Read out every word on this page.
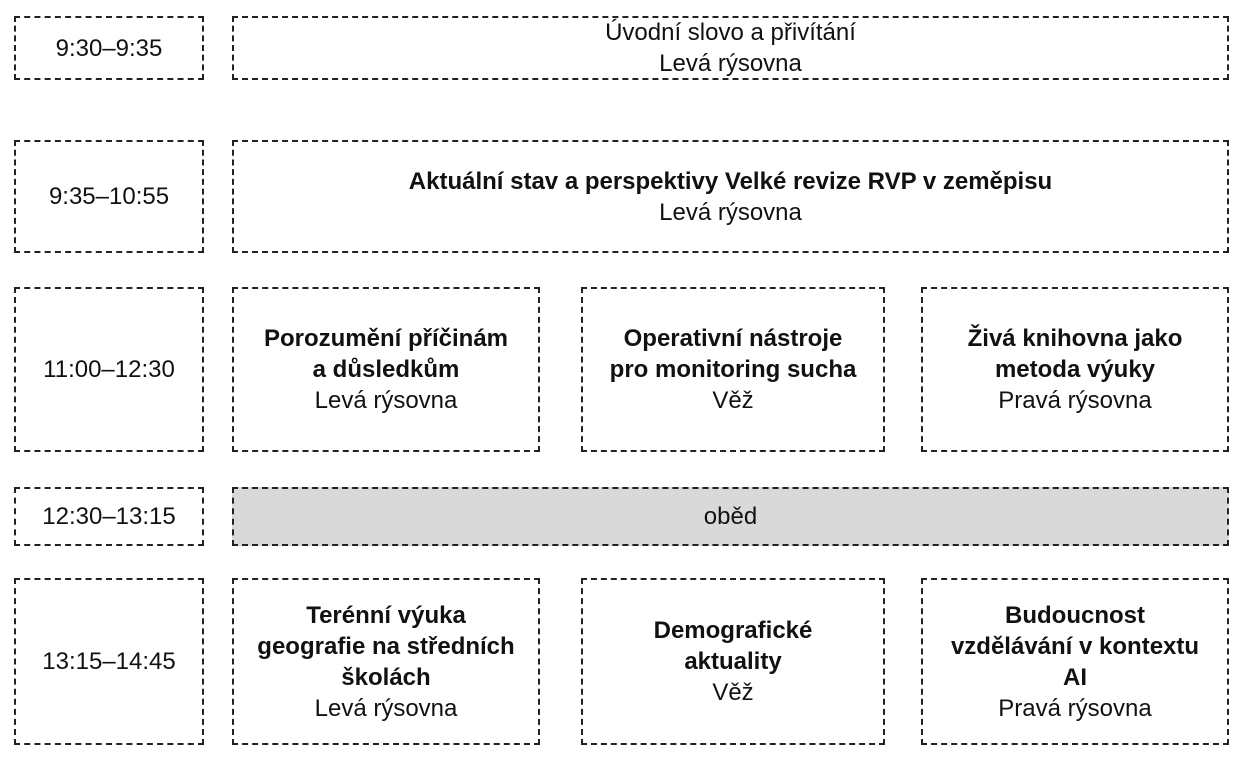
9:30–9:35
Úvodní slovo a přivítání
Levá rýsovna
9:35–10:55
Aktuální stav a perspektivy Velké revize RVP v zeměpisu
Levá rýsovna
11:00–12:30
Porozumění příčinám
a důsledkům
Levá rýsovna
Operativní nástroje
pro monitoring sucha
Věž
Živá knihovna jako
metoda výuky
Pravá rýsovna
12:30–13:15	oběd
13:15–14:45
Terénní výuka
geografie na středních
školách
Levá rýsovna
Demografické
aktuality
Věž
Budoucnost
vzdělávání v kontextu
AI
Pravá rýsovna
